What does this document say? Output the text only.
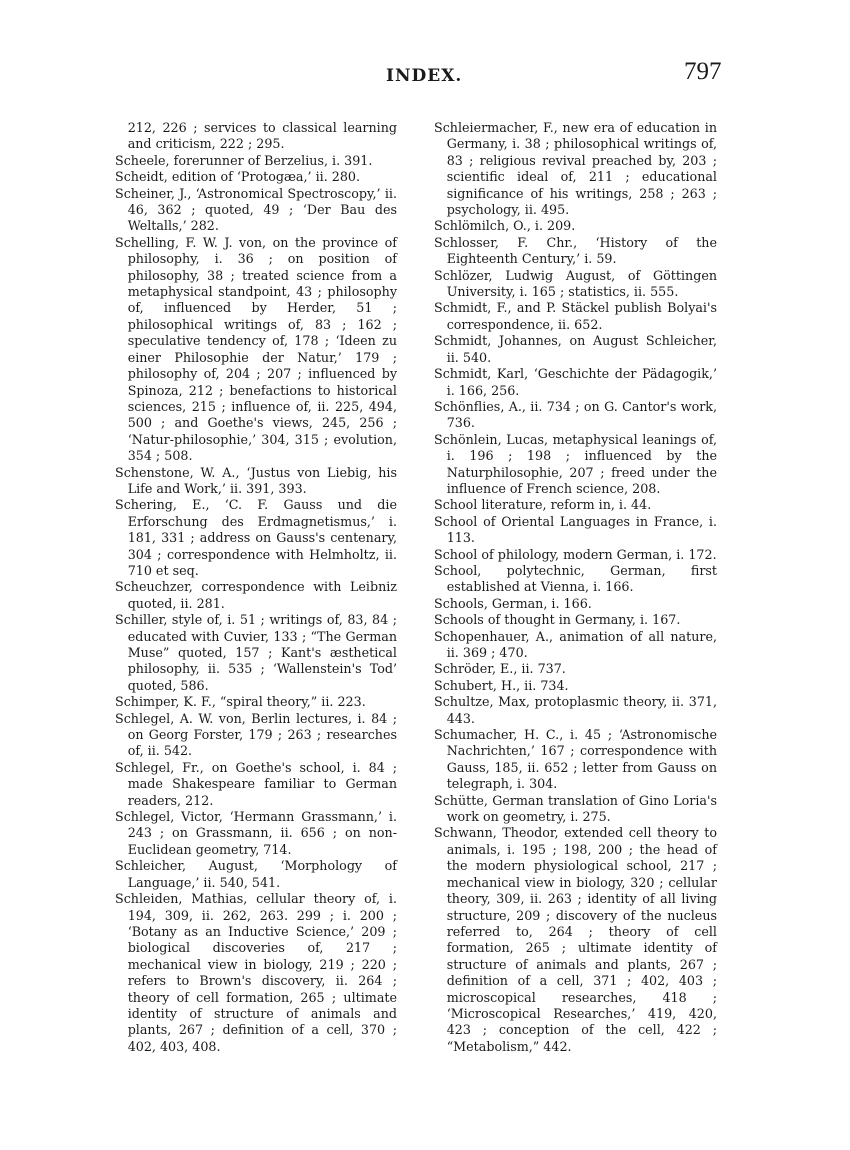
INDEX.	797

212, 226 ; services to classical learning and criticism, 222 ; 295.

Scheele, forerunner of Berzelius, i. 391.

Scheidt, edition of ‘Protogæa,’ ii. 280.

Scheiner, J., ‘Astronomical Spectroscopy,’ ii. 46, 362 ; quoted, 49 ; ‘Der Bau des Weltalls,’ 282.

Schelling, F. W. J. von, on the province of philosophy, i. 36 ; on position of philosophy, 38 ; treated science from a metaphysical standpoint, 43 ; philosophy of, influenced by Herder, 51 ; philosophical writings of, 83 ; 162 ; speculative tendency of, 178 ; ‘Ideen zu einer Philosophie der Natur,’ 179 ; philosophy of, 204 ; 207 ; influenced by Spinoza, 212 ; benefactions to historical sciences, 215 ; influence of, ii. 225, 494, 500 ; and Goethe's views, 245, 256 ; ‘Natur-philosophie,’ 304, 315 ; evolution, 354 ; 508.

Schenstone, W. A., ‘Justus von Liebig, his Life and Work,’ ii. 391, 393.

Schering, E., ‘C. F. Gauss und die Erforschung des Erdmagnetismus,’ i. 181, 331 ; address on Gauss's centenary, 304 ; correspondence with Helmholtz, ii. 710 et seq.

Scheuchzer, correspondence with Leibniz quoted, ii. 281.

Schiller, style of, i. 51 ; writings of, 83, 84 ; educated with Cuvier, 133 ; “The German Muse” quoted, 157 ; Kant's æsthetical philosophy, ii. 535 ; ‘Wallenstein's Tod’ quoted, 586.

Schimper, K. F., “spiral theory,” ii. 223.

Schlegel, A. W. von, Berlin lectures, i. 84 ; on Georg Forster, 179 ; 263 ; researches of, ii. 542.

Schlegel, Fr., on Goethe's school, i. 84 ; made Shakespeare familiar to German readers, 212.

Schlegel, Victor, ‘Hermann Grassmann,’ i. 243 ; on Grassmann, ii. 656 ; on non-Euclidean geometry, 714.

Schleicher, August, ‘Morphology of Language,’ ii. 540, 541.

Schleiden, Mathias, cellular theory of, i. 194, 309, ii. 262, 263. 299 ; i. 200 ; ‘Botany as an Inductive Science,’ 209 ; biological discoveries of, 217 ; mechanical view in biology, 219 ; 220 ; refers to Brown's discovery, ii. 264 ; theory of cell formation, 265 ; ultimate identity of structure of animals and plants, 267 ; definition of a cell, 370 ; 402, 403, 408.

Schleiermacher, F., new era of education in Germany, i. 38 ; philosophical writings of, 83 ; religious revival preached by, 203 ; scientific ideal of, 211 ; educational significance of his writings, 258 ; 263 ; psychology, ii. 495.

Schlömilch, O., i. 209.

Schlosser, F. Chr., ‘History of the Eighteenth Century,’ i. 59.

Schlözer, Ludwig August, of Göttingen University, i. 165 ; statistics, ii. 555.

Schmidt, F., and P. Stäckel publish Bolyai's correspondence, ii. 652.

Schmidt, Johannes, on August Schleicher, ii. 540.

Schmidt, Karl, ‘Geschichte der Pädagogik,’ i. 166, 256.

Schönflies, A., ii. 734 ; on G. Cantor's work, 736.

Schönlein, Lucas, metaphysical leanings of, i. 196 ; 198 ; influenced by the Naturphilosophie, 207 ; freed under the influence of French science, 208.

School literature, reform in, i. 44.

School of Oriental Languages in France, i. 113.

School of philology, modern German, i. 172.

School, polytechnic, German, first established at Vienna, i. 166.

Schools, German, i. 166.

Schools of thought in Germany, i. 167.

Schopenhauer, A., animation of all nature, ii. 369 ; 470.

Schröder, E., ii. 737.

Schubert, H., ii. 734.

Schultze, Max, protoplasmic theory, ii. 371, 443.

Schumacher, H. C., i. 45 ; ‘Astronomische Nachrichten,’ 167 ; correspondence with Gauss, 185, ii. 652 ; letter from Gauss on telegraph, i. 304.

Schütte, German translation of Gino Loria's work on geometry, i. 275.

Schwann, Theodor, extended cell theory to animals, i. 195 ; 198, 200 ; the head of the modern physiological school, 217 ; mechanical view in biology, 320 ; cellular theory, 309, ii. 263 ; identity of all living structure, 209 ; discovery of the nucleus referred to, 264 ; theory of cell formation, 265 ; ultimate identity of structure of animals and plants, 267 ; definition of a cell, 371 ; 402, 403 ; microscopical researches, 418 ; ‘Microscopical Researches,’ 419, 420, 423 ; conception of the cell, 422 ; “Metabolism,” 442.
